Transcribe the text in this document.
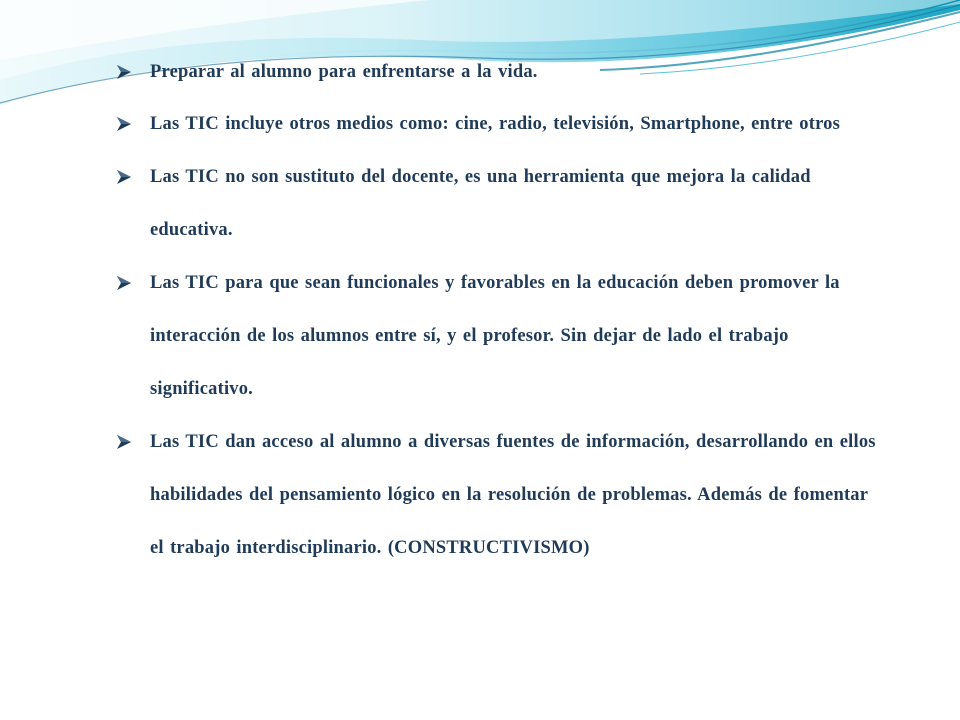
Preparar al alumno para enfrentarse a la vida.
Las TIC incluye otros medios como: cine, radio, televisión, Smartphone, entre otros
Las TIC no son sustituto del docente, es una herramienta que mejora la calidad educativa.
Las TIC para que sean funcionales y favorables en la educación deben promover la interacción de los alumnos entre sí, y el profesor. Sin dejar de lado el trabajo significativo.
Las TIC dan acceso al alumno a diversas fuentes de información, desarrollando en ellos habilidades del pensamiento lógico en la resolución de problemas. Además de fomentar el trabajo interdisciplinario. (CONSTRUCTIVISMO)
